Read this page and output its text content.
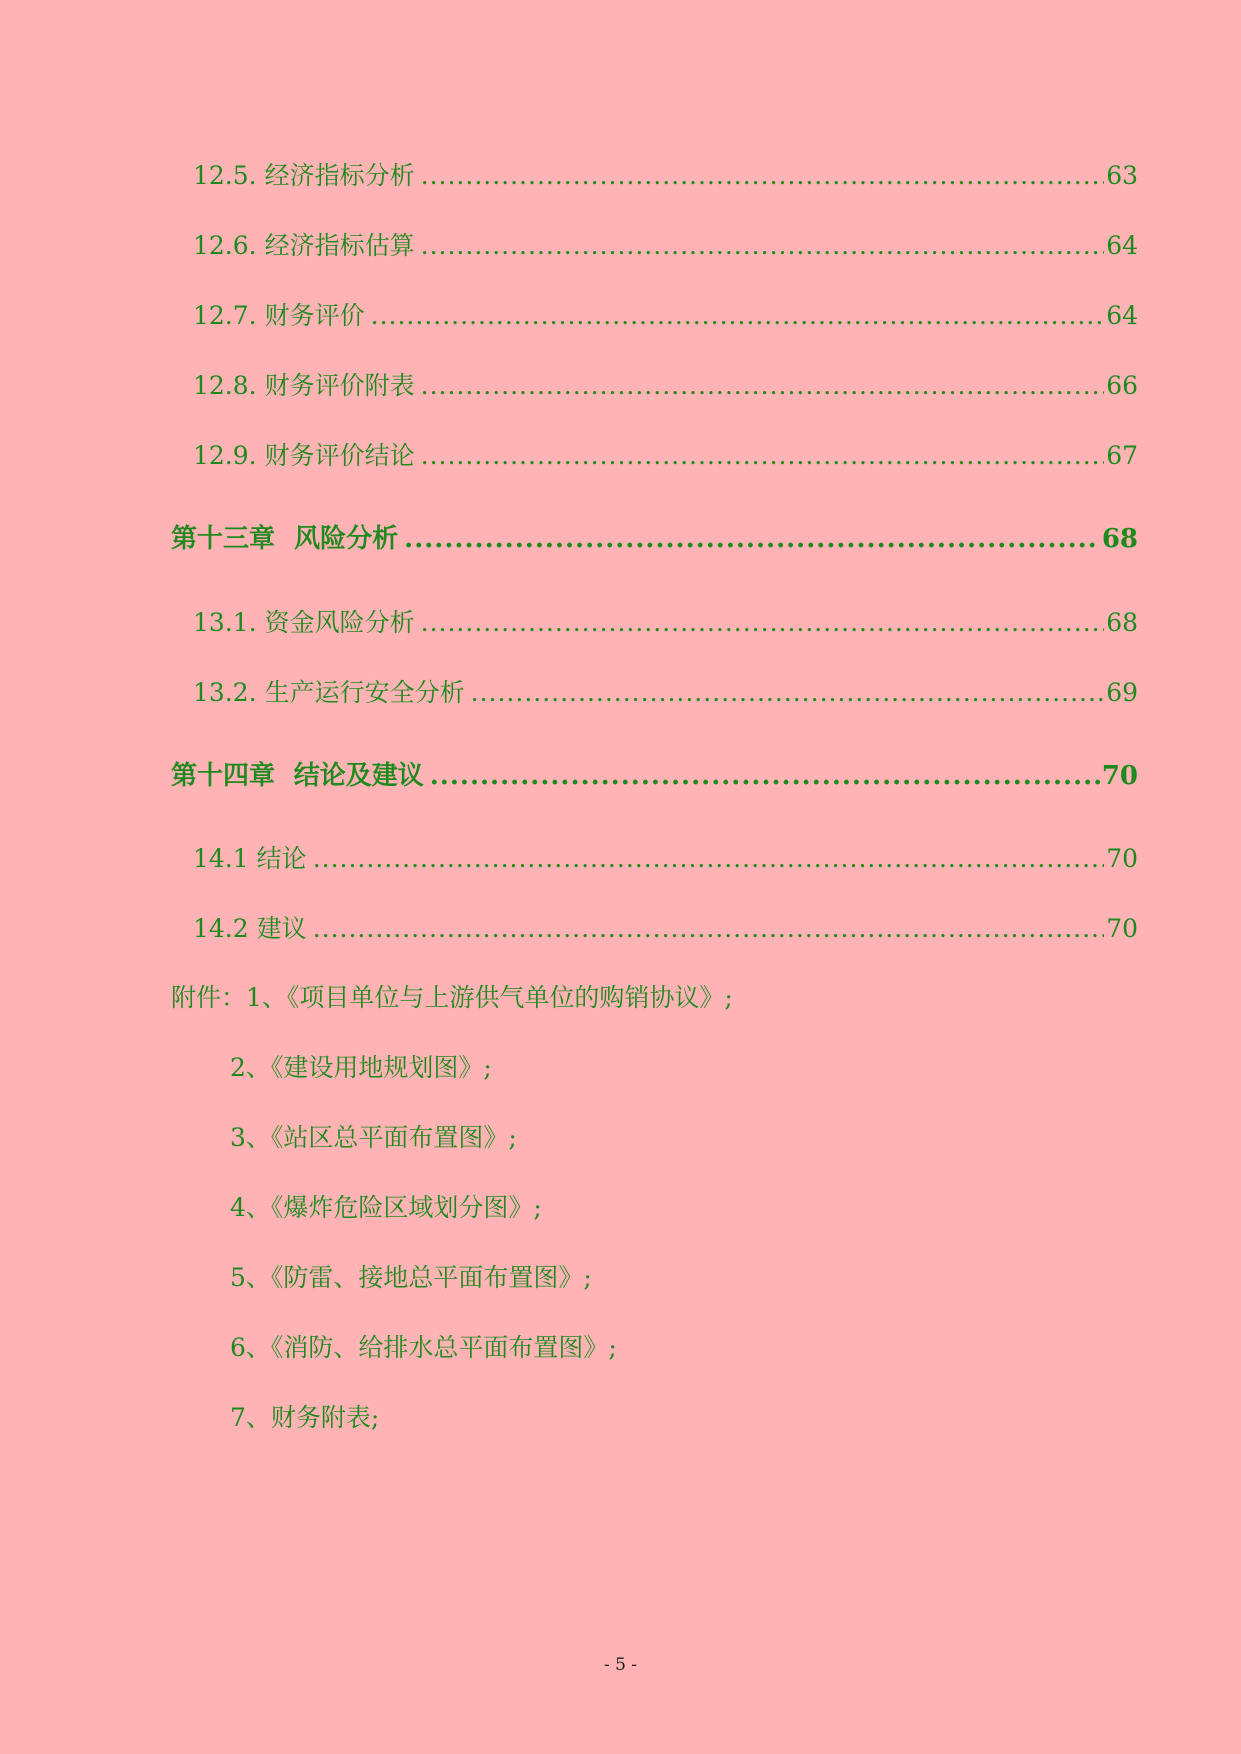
12.5. 经济指标分析 .....	63
12.6. 经济指标估算 .....	64
12.7. 财务评价 .....	64
12.8. 财务评价附表 .....	66
12.9. 财务评价结论 .....	67
第十三章 风险分析 .....	68
13.1. 资金风险分析 .....	68
13.2. 生产运行安全分析 .....	69
第十四章 结论及建议 .....	70
14.1 结论 .....	70
14.2 建议 .....	70
附件：1、《项目单位与上游供气单位的购销协议》;
2、《建设用地规划图》;
3、《站区总平面布置图》;
4、《爆炸危险区域划分图》;
5、《防雷、接地总平面布置图》;
6、《消防、给排水总平面布置图》;
7、财务附表;
- 5 -
